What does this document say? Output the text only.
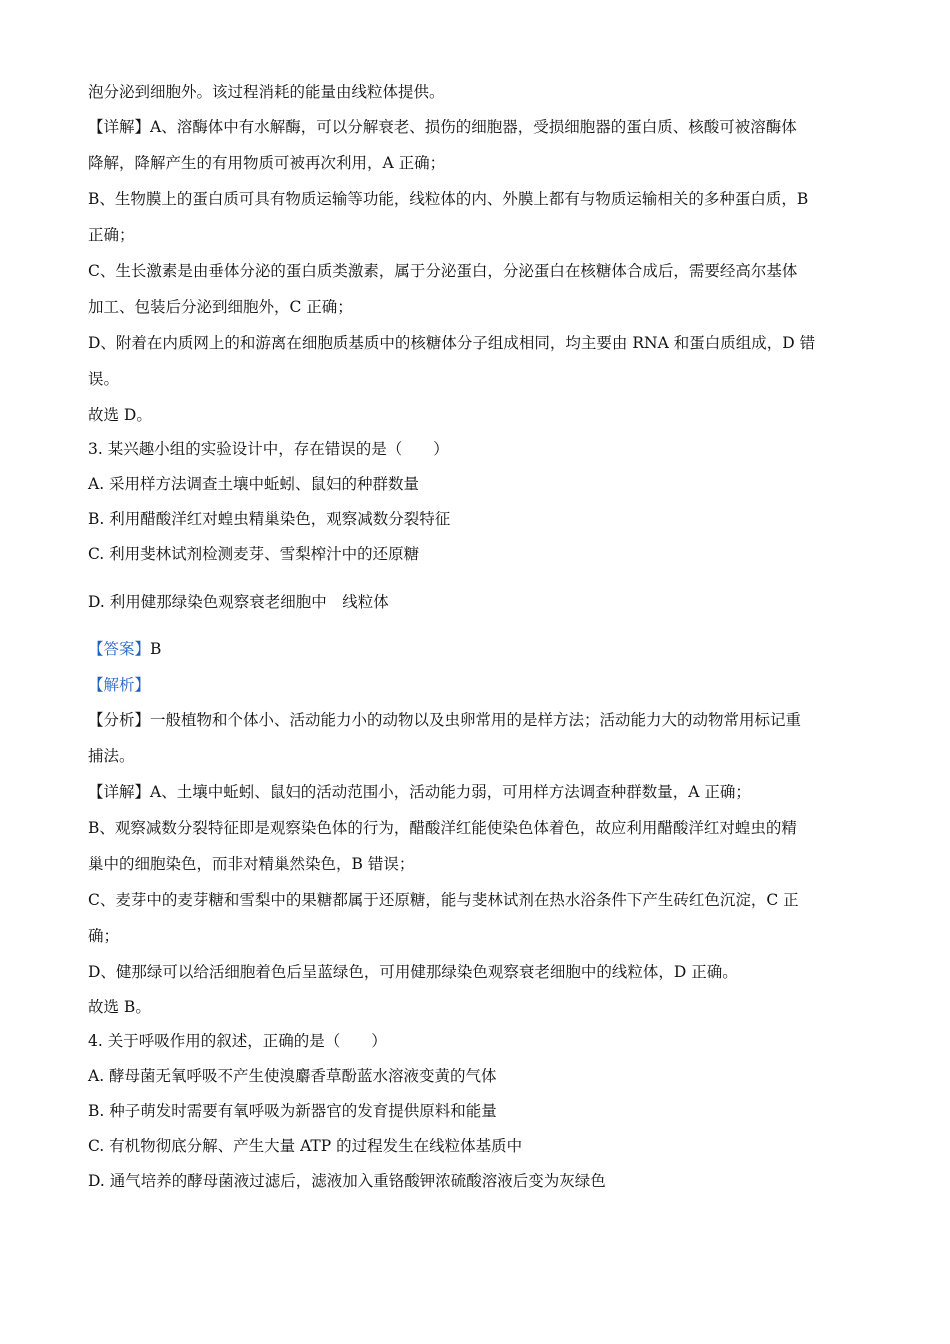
泡分泌到细胞外。该过程消耗的能量由线粒体提供。
【详解】A、溶酶体中有水解酶，可以分解衰老、损伤的细胞器，受损细胞器的蛋白质、核酸可被溶酶体
降解，降解产生的有用物质可被再次利用，A 正确；
B、生物膜上的蛋白质可具有物质运输等功能，线粒体的内、外膜上都有与物质运输相关的多种蛋白质，B
正确；
C、生长激素是由垂体分泌的蛋白质类激素，属于分泌蛋白，分泌蛋白在核糖体合成后，需要经高尔基体
加工、包装后分泌到细胞外，C 正确；
D、附着在内质网上的和游离在细胞质基质中的核糖体分子组成相同，均主要由 RNA 和蛋白质组成，D 错
误。
故选 D。
3. 某兴趣小组的实验设计中，存在错误的是（　　）
A. 采用样方法调查土壤中蚯蚓、鼠妇的种群数量
B. 利用醋酸洋红对蝗虫精巢染色，观察减数分裂特征
C. 利用斐林试剂检测麦芽、雪梨榨汁中的还原糖
D. 利用健那绿染色观察衰老细胞中　线粒体
【答案】B
【解析】
【分析】一般植物和个体小、活动能力小的动物以及虫卵常用的是样方法；活动能力大的动物常用标记重
捕法。
【详解】A、土壤中蚯蚓、鼠妇的活动范围小，活动能力弱，可用样方法调查种群数量，A 正确；
B、观察减数分裂特征即是观察染色体的行为，醋酸洋红能使染色体着色，故应利用醋酸洋红对蝗虫的精
巢中的细胞染色，而非对精巢然染色，B 错误；
C、麦芽中的麦芽糖和雪梨中的果糖都属于还原糖，能与斐林试剂在热水浴条件下产生砖红色沉淀，C 正
确；
D、健那绿可以给活细胞着色后呈蓝绿色，可用健那绿染色观察衰老细胞中的线粒体，D 正确。
故选 B。
4. 关于呼吸作用的叙述，正确的是（　　）
A. 酵母菌无氧呼吸不产生使溴麝香草酚蓝水溶液变黄的气体
B. 种子萌发时需要有氧呼吸为新器官的发育提供原料和能量
C. 有机物彻底分解、产生大量 ATP 的过程发生在线粒体基质中
D. 通气培养的酵母菌液过滤后，滤液加入重铬酸钾浓硫酸溶液后变为灰绿色
